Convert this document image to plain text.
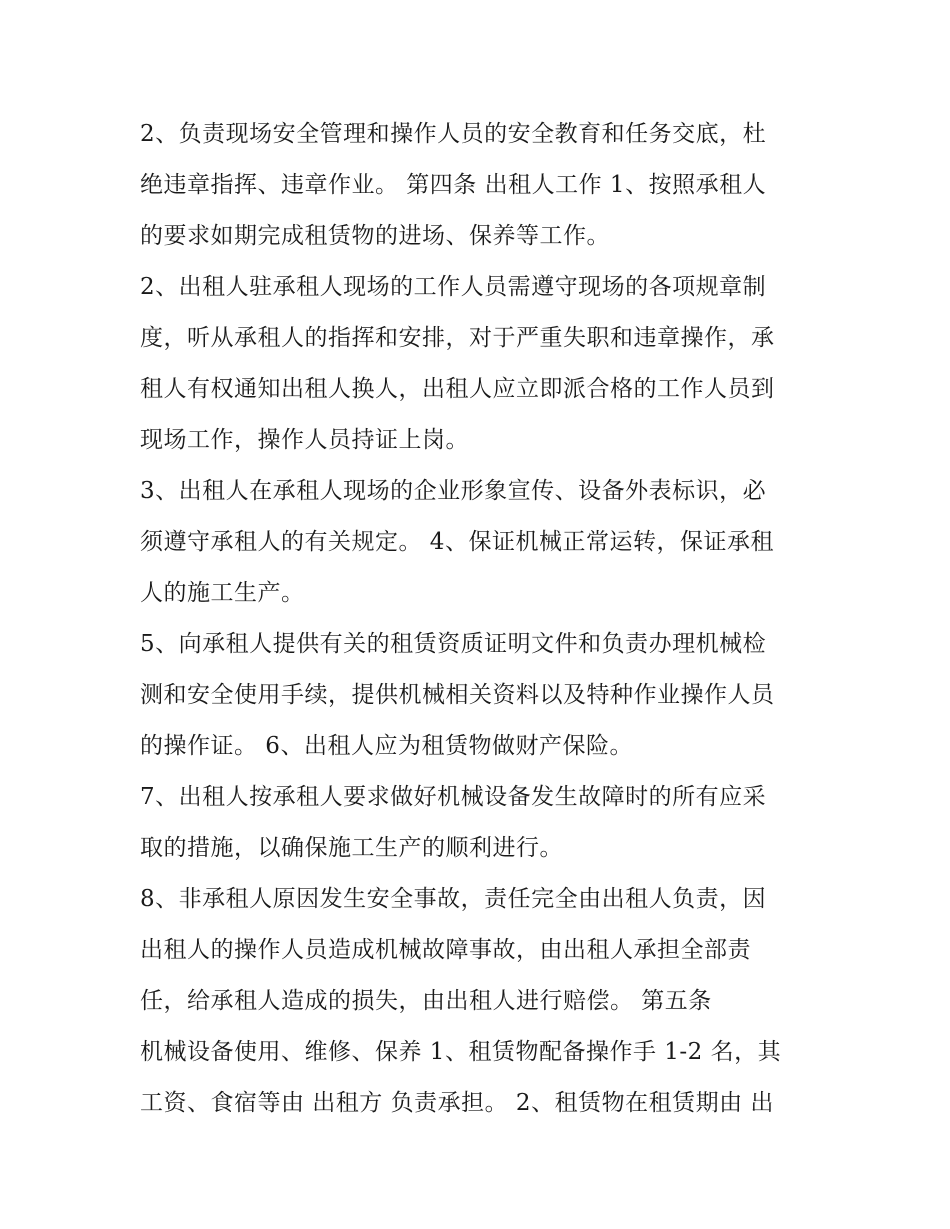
2、负责现场安全管理和操作人员的安全教育和任务交底，杜
绝违章指挥、违章作业。 第四条 出租人工作 1、按照承租人
的要求如期完成租赁物的进场、保养等工作。

2、出租人驻承租人现场的工作人员需遵守现场的各项规章制
度，听从承租人的指挥和安排，对于严重失职和违章操作，承
租人有权通知出租人换人，出租人应立即派合格的工作人员到
现场工作，操作人员持证上岗。

3、出租人在承租人现场的企业形象宣传、设备外表标识，必
须遵守承租人的有关规定。 4、保证机械正常运转，保证承租
人的施工生产。

5、向承租人提供有关的租赁资质证明文件和负责办理机械检
测和安全使用手续，提供机械相关资料以及特种作业操作人员
的操作证。 6、出租人应为租赁物做财产保险。

7、出租人按承租人要求做好机械设备发生故障时的所有应采
取的措施，以确保施工生产的顺利进行。

8、非承租人原因发生安全事故，责任完全由出租人负责，因
出租人的操作人员造成机械故障事故，由出租人承担全部责
任，给承租人造成的损失，由出租人进行赔偿。 第五条
机械设备使用、维修、保养 1、租赁物配备操作手 1-2 名，其
工资、食宿等由 出租方 负责承担。 2、租赁物在租赁期由 出
